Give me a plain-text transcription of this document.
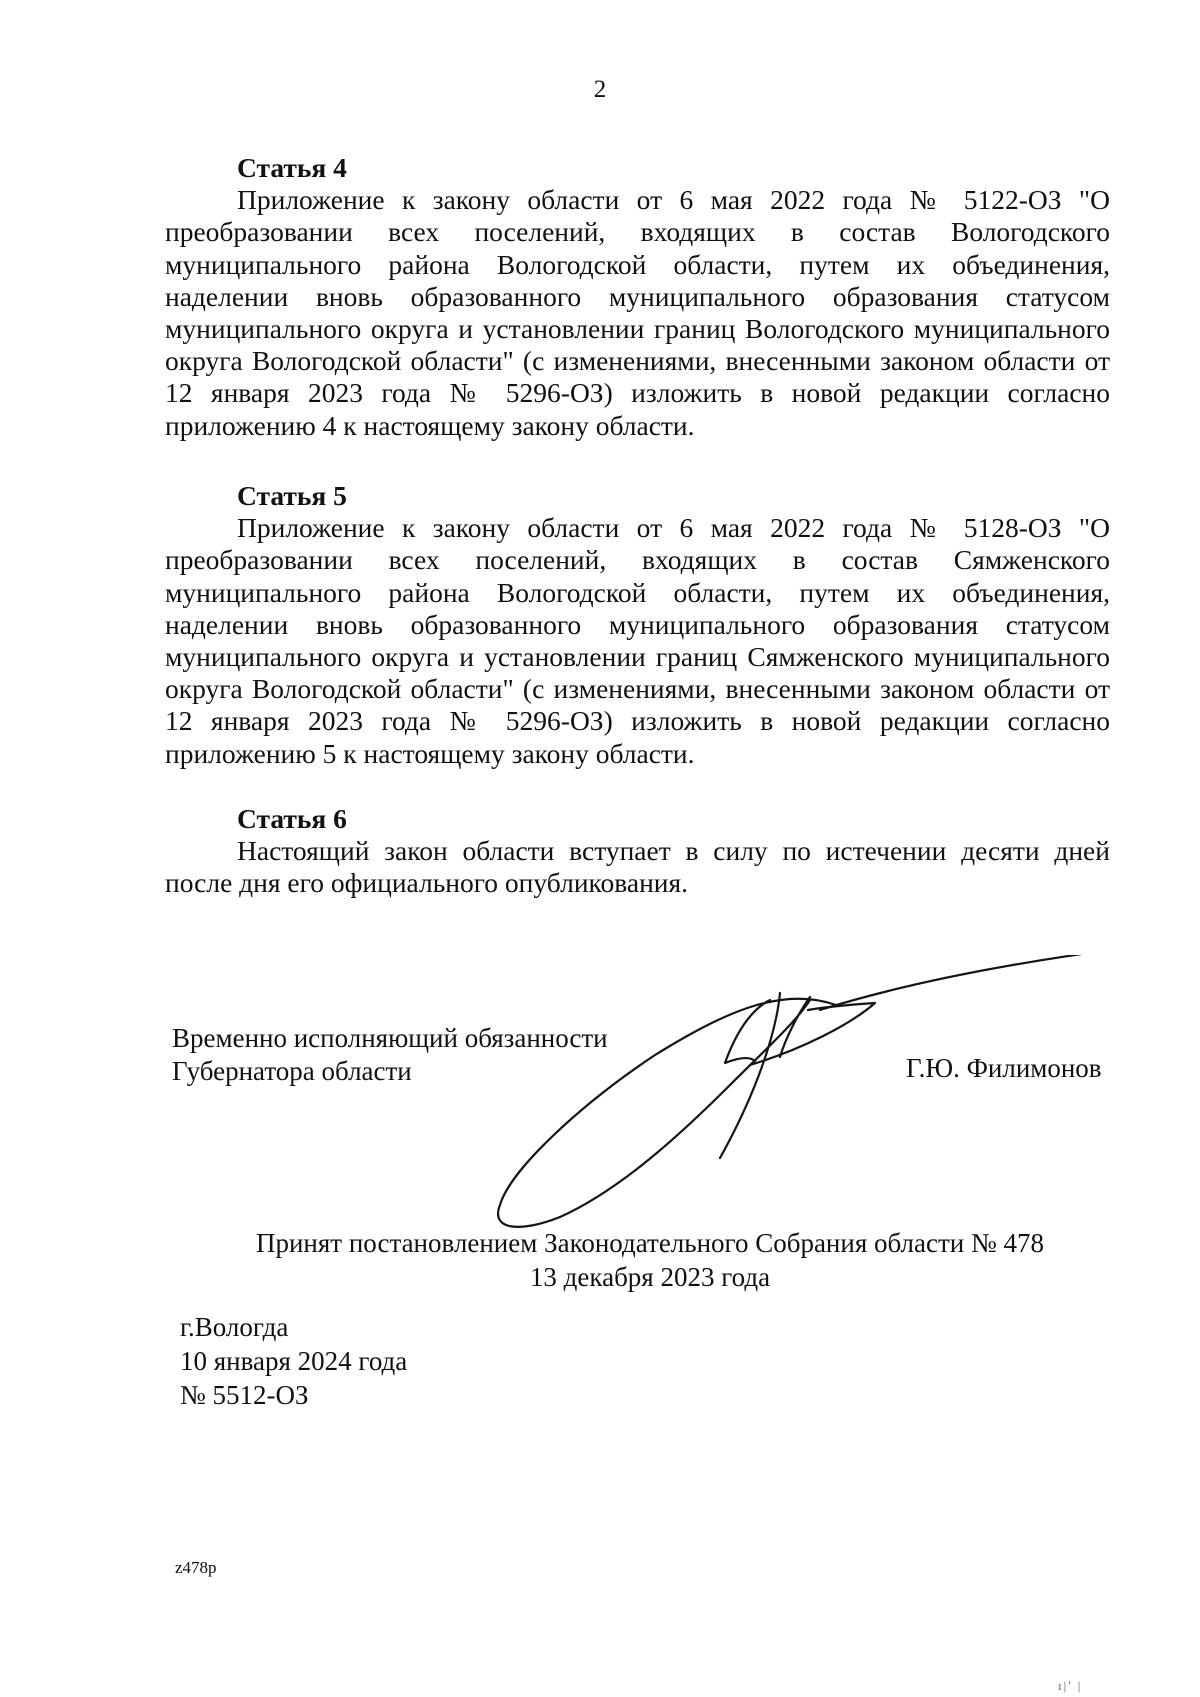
2
Статья 4
Приложение к закону области от 6 мая 2022 года № 5122-ОЗ "О преобразовании всех поселений, входящих в состав Вологодского муниципального района Вологодской области, путем их объединения, наделении вновь образованного муниципального образования статусом муниципального округа и установлении границ Вологодского муниципального округа Вологодской области" (с изменениями, внесенными законом области от 12 января 2023 года № 5296-ОЗ) изложить в новой редакции согласно приложению 4 к настоящему закону области.
Статья 5
Приложение к закону области от 6 мая 2022 года № 5128-ОЗ "О преобразовании всех поселений, входящих в состав Сямженского муниципального района Вологодской области, путем их объединения, наделении вновь образованного муниципального образования статусом муниципального округа и установлении границ Сямженского муниципального округа Вологодской области" (с изменениями, внесенными законом области от 12 января 2023 года № 5296-ОЗ) изложить в новой редакции согласно приложению 5 к настоящему закону области.
Статья 6
Настоящий закон области вступает в силу по истечении десяти дней после дня его официального опубликования.
Временно исполняющий обязанности
Губернатора области	Г.Ю. Филимонов
Принят постановлением Законодательного Собрания области № 478
13 декабря 2023 года
г.Вологда
10 января 2024 года
№ 5512-ОЗ
z478p
ı|' |
